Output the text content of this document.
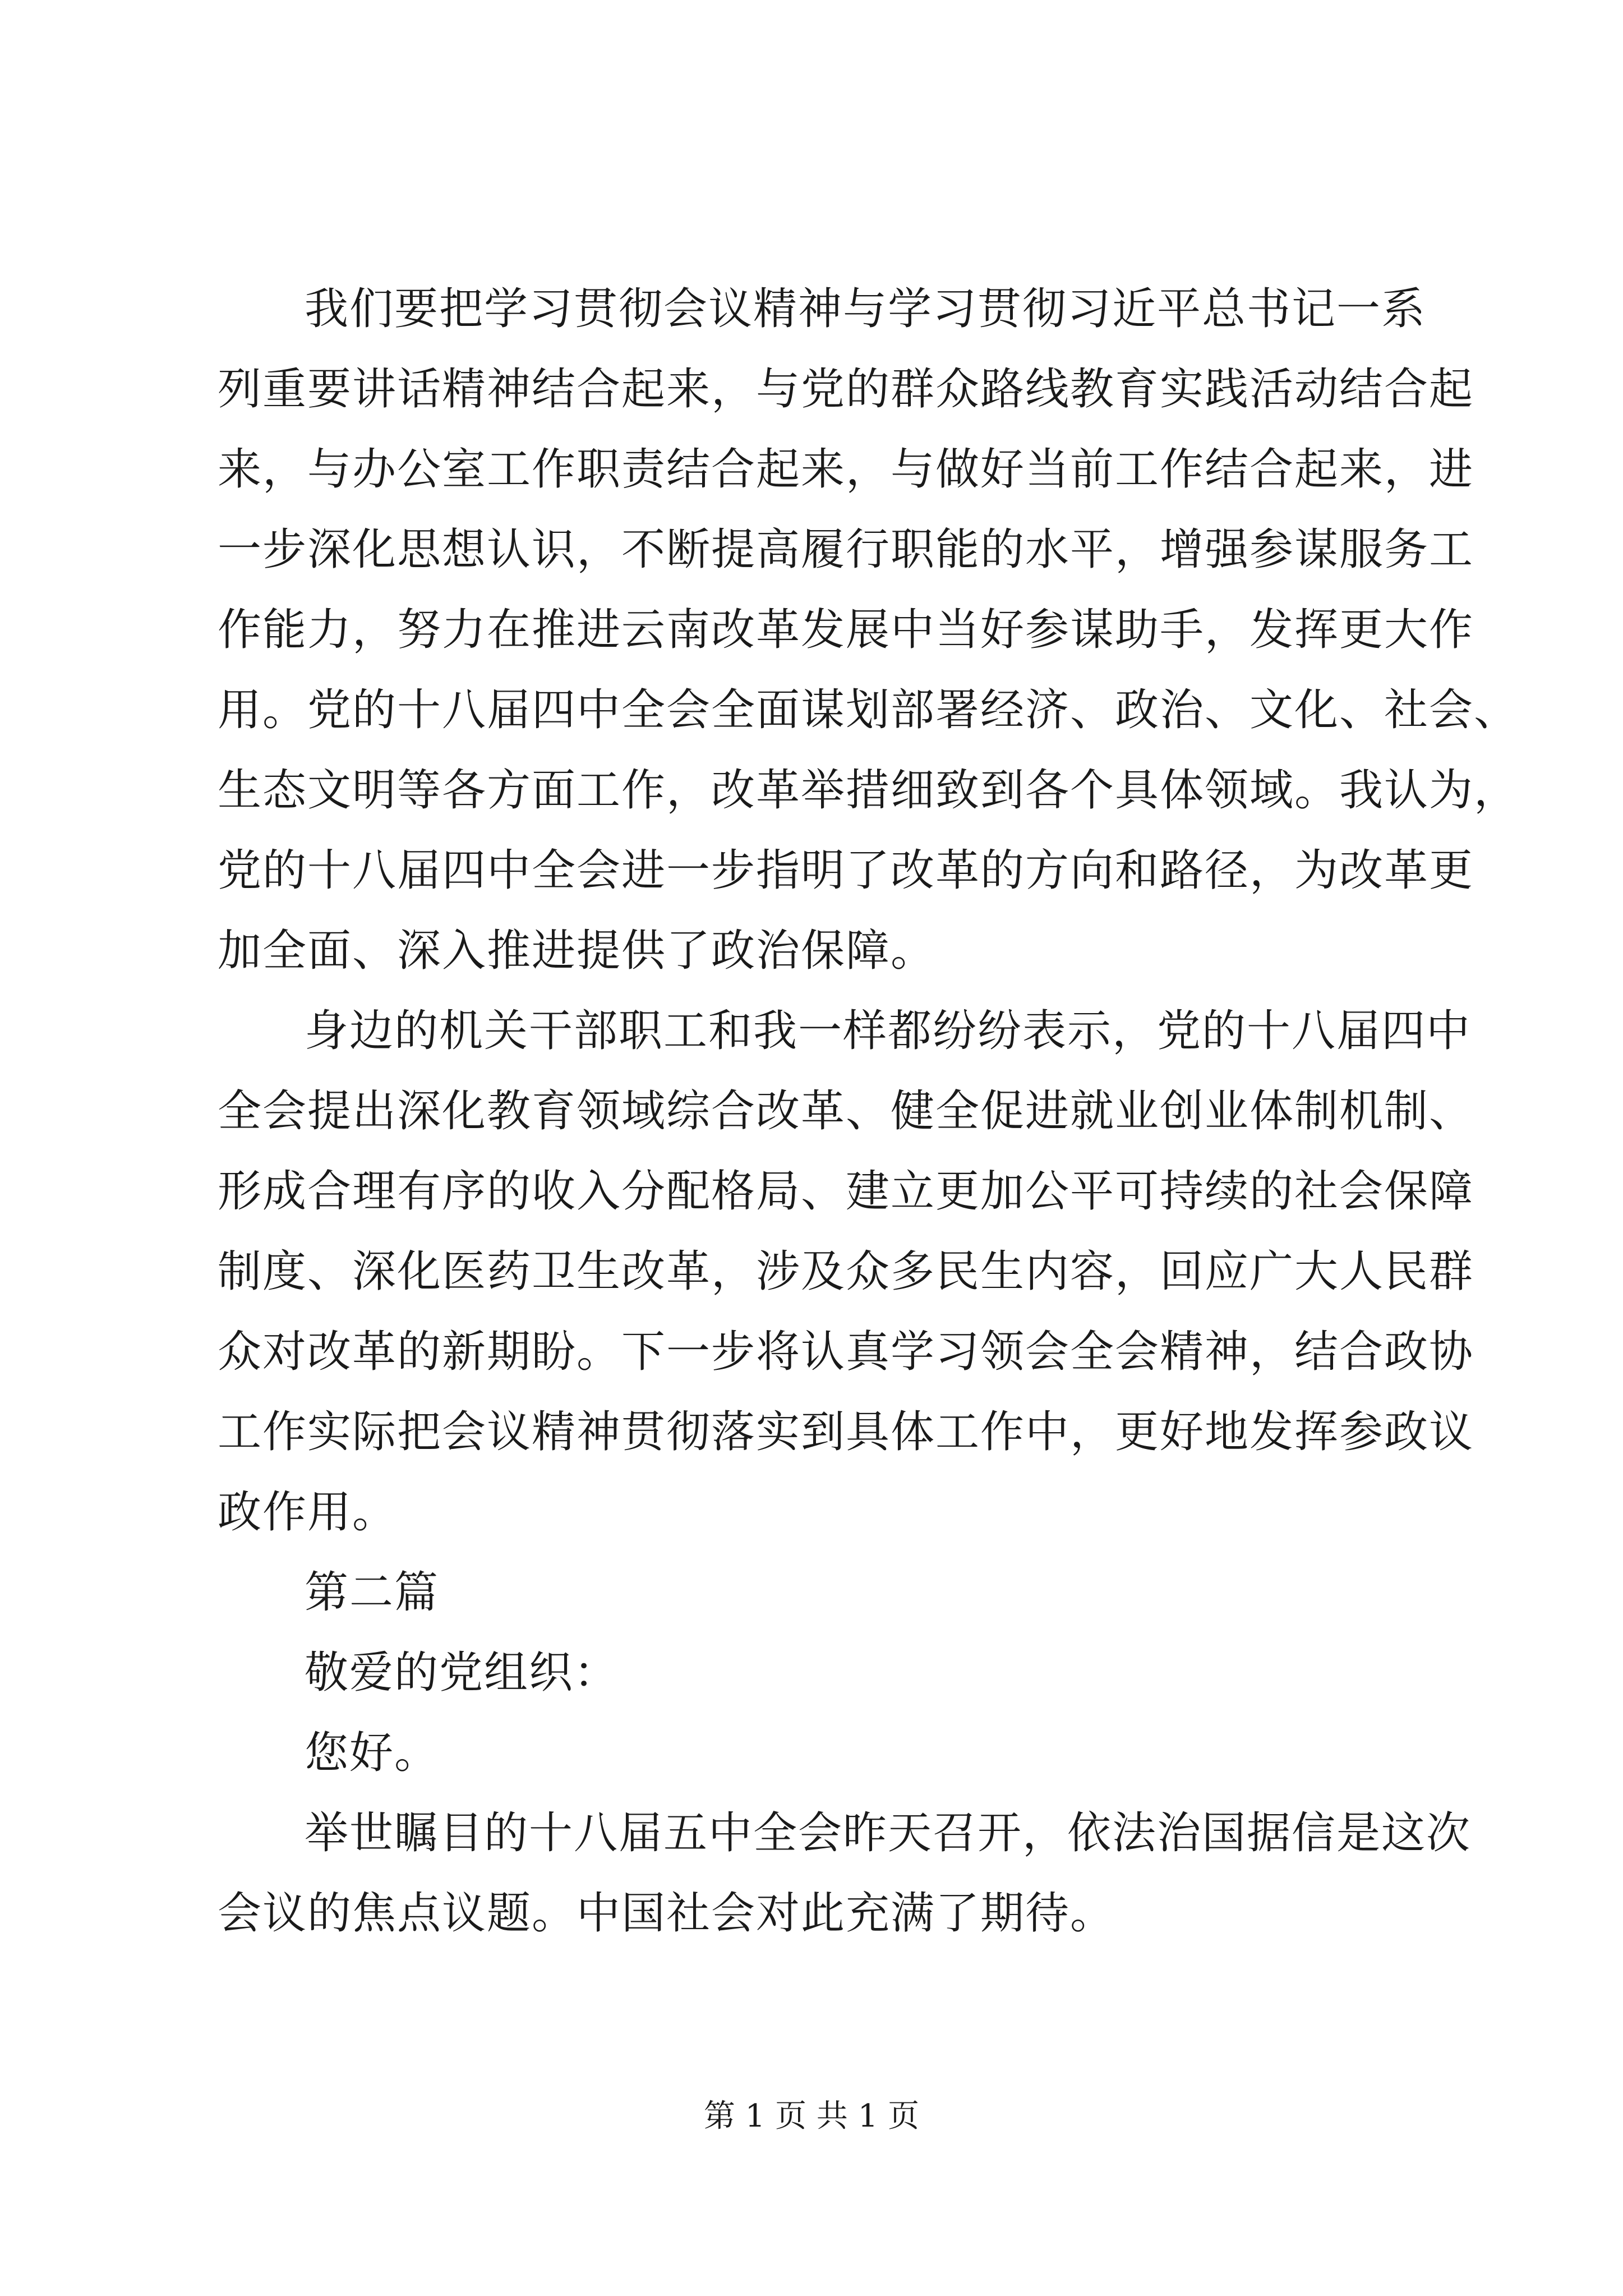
我们要把学习贯彻会议精神与学习贯彻习近平总书记一系
列重要讲话精神结合起来，与党的群众路线教育实践活动结合起
来，与办公室工作职责结合起来，与做好当前工作结合起来，进
一步深化思想认识，不断提高履行职能的水平，增强参谋服务工
作能力，努力在推进云南改革发展中当好参谋助手，发挥更大作
用。党的十八届四中全会全面谋划部署经济、政治、文化、社会、
生态文明等各方面工作，改革举措细致到各个具体领域。我认为，
党的十八届四中全会进一步指明了改革的方向和路径，为改革更
加全面、深入推进提供了政治保障。
身边的机关干部职工和我一样都纷纷表示，党的十八届四中
全会提出深化教育领域综合改革、健全促进就业创业体制机制、
形成合理有序的收入分配格局、建立更加公平可持续的社会保障
制度、深化医药卫生改革，涉及众多民生内容，回应广大人民群
众对改革的新期盼。下一步将认真学习领会全会精神，结合政协
工作实际把会议精神贯彻落实到具体工作中，更好地发挥参政议
政作用。
第二篇
敬爱的党组织：
您好。
举世瞩目的十八届五中全会昨天召开，依法治国据信是这次
会议的焦点议题。中国社会对此充满了期待。
第 1 页 共 1 页
